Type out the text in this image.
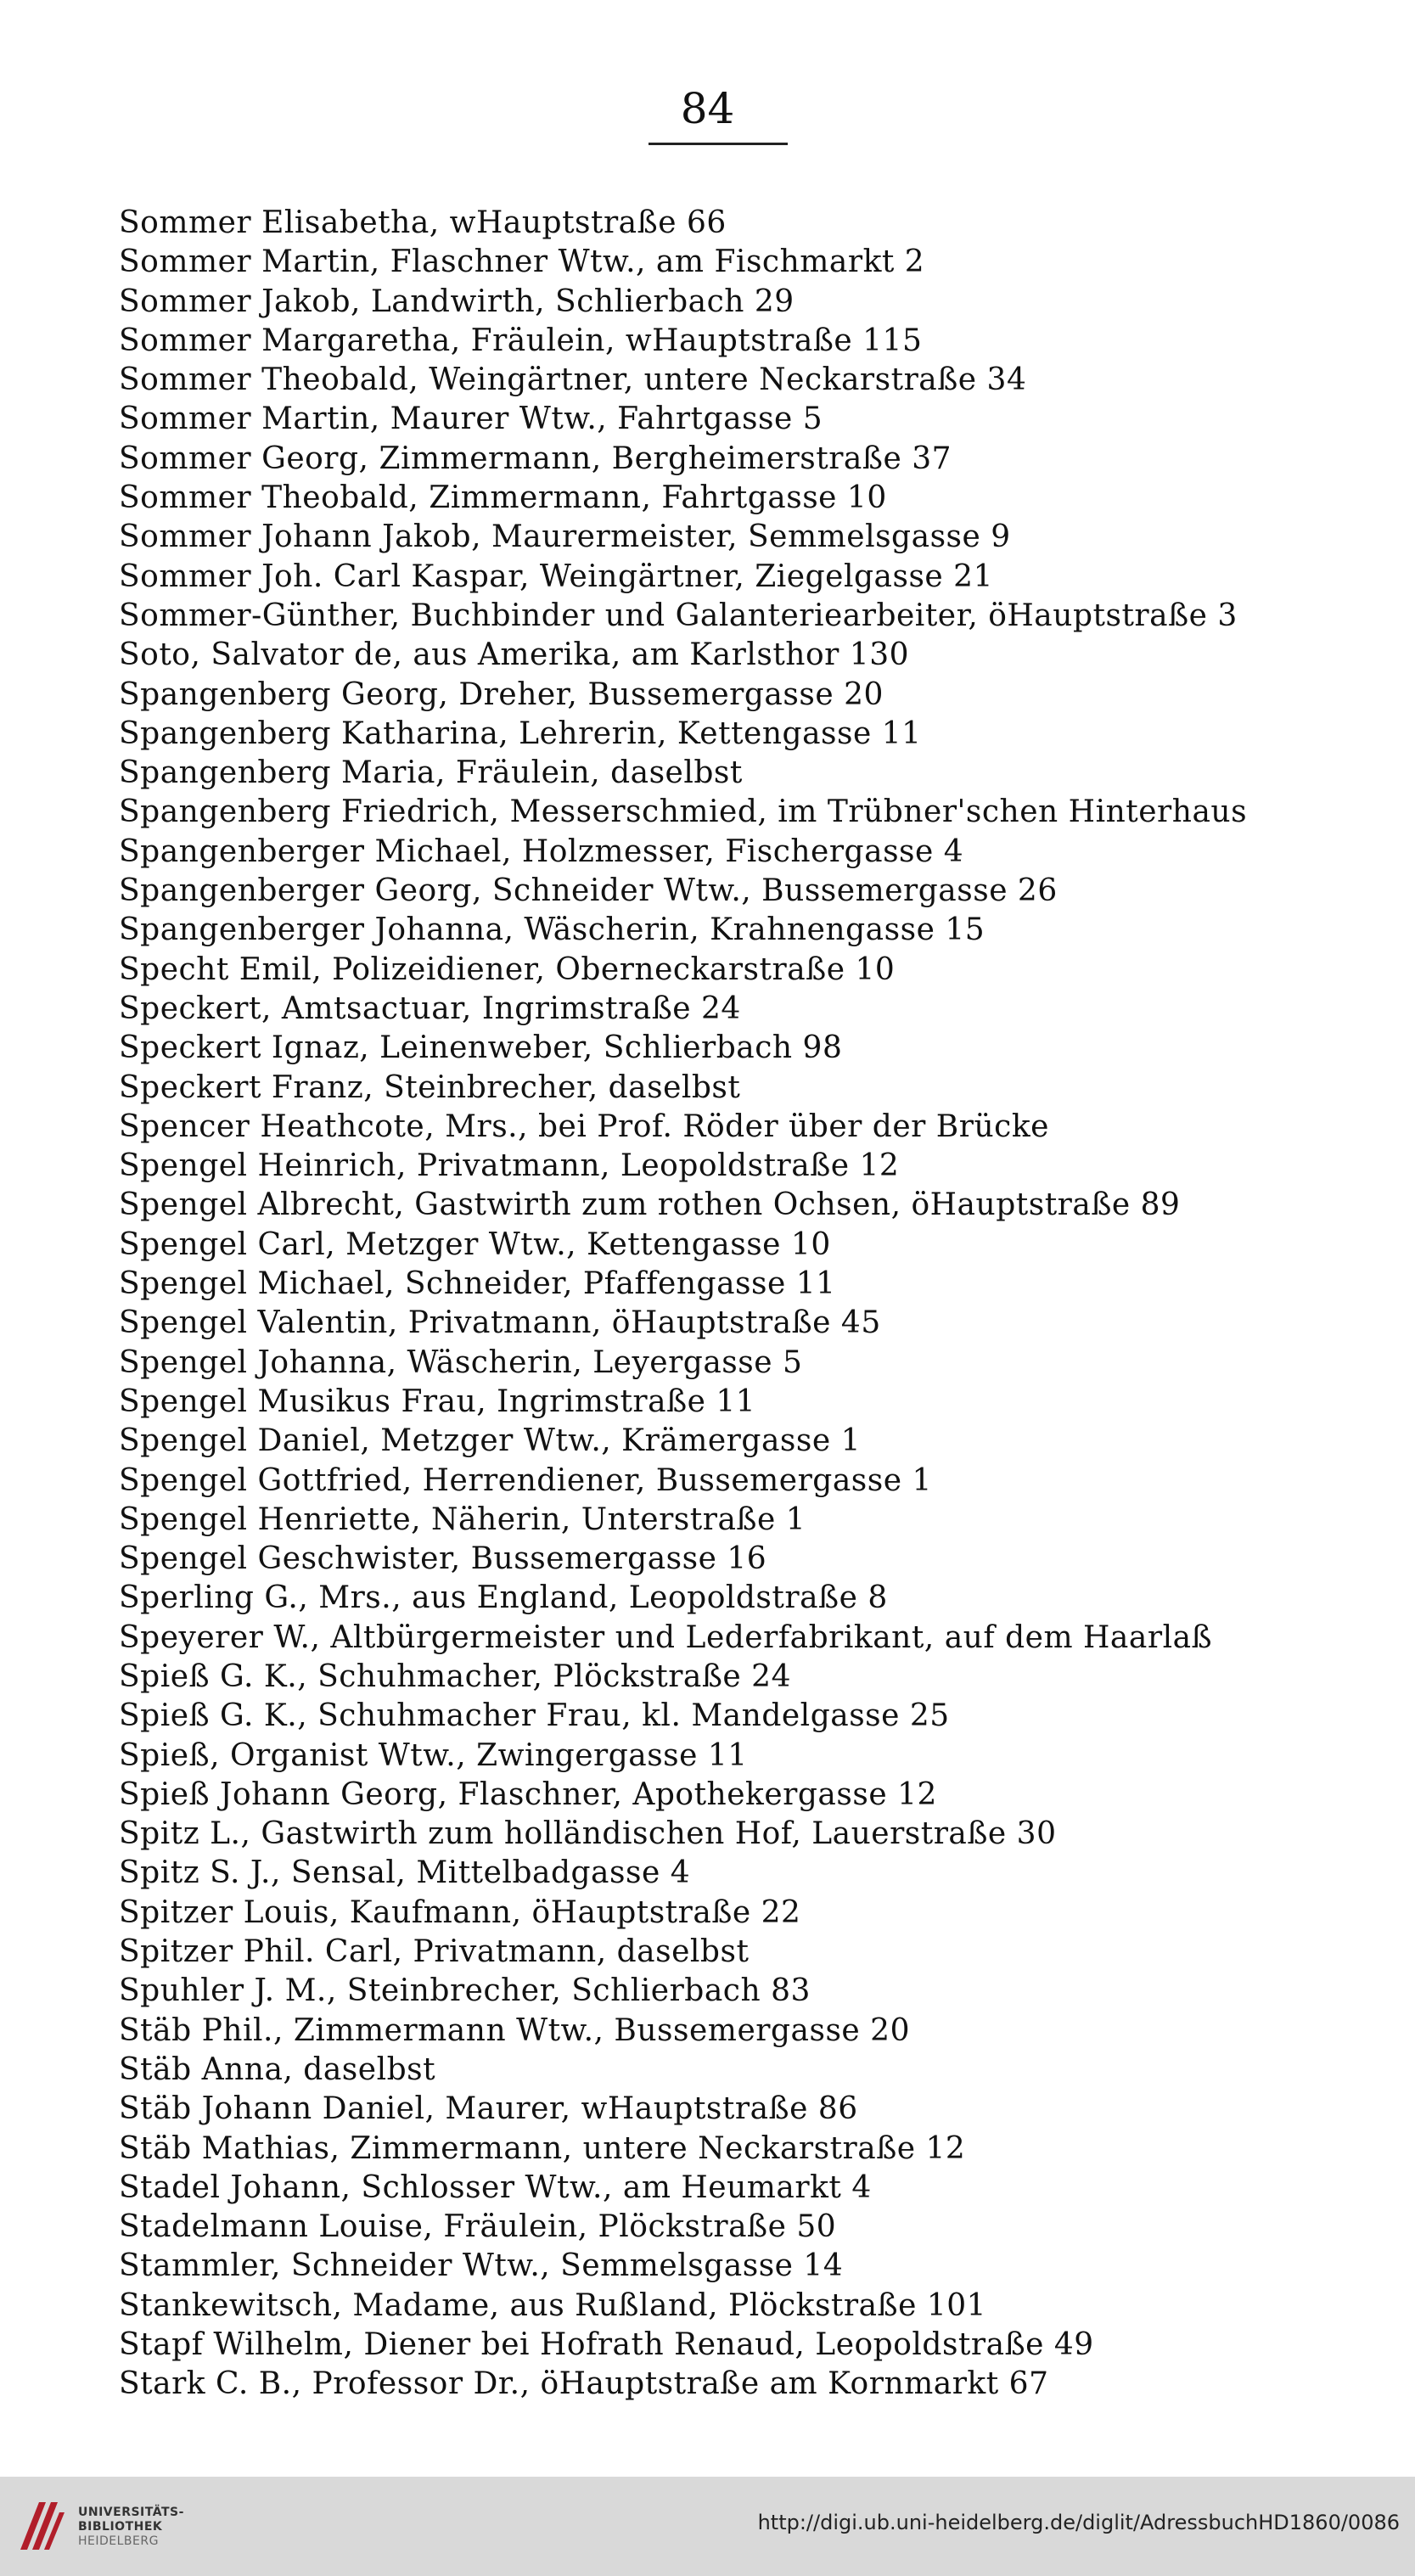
84
Sommer Elisabetha, wHauptstraße 66
Sommer Martin, Flaschner Wtw., am Fischmarkt 2
Sommer Jakob, Landwirth, Schlierbach 29
Sommer Margaretha, Fräulein, wHauptstraße 115
Sommer Theobald, Weingärtner, untere Neckarstraße 34
Sommer Martin, Maurer Wtw., Fahrtgasse 5
Sommer Georg, Zimmermann, Bergheimerstraße 37
Sommer Theobald, Zimmermann, Fahrtgasse 10
Sommer Johann Jakob, Maurermeister, Semmelsgasse 9
Sommer Joh. Carl Kaspar, Weingärtner, Ziegelgasse 21
Sommer-Günther, Buchbinder und Galanteriearbeiter, öHauptstraße 3
Soto, Salvator de, aus Amerika, am Karlsthor 130
Spangenberg Georg, Dreher, Bussemergasse 20
Spangenberg Katharina, Lehrerin, Kettengasse 11
Spangenberg Maria, Fräulein, daselbst
Spangenberg Friedrich, Messerschmied, im Trübner'schen Hinterhaus
Spangenberger Michael, Holzmesser, Fischergasse 4
Spangenberger Georg, Schneider Wtw., Bussemergasse 26
Spangenberger Johanna, Wäscherin, Krahnengasse 15
Specht Emil, Polizeidiener, Oberneckarstraße 10
Speckert, Amtsactuar, Ingrimstraße 24
Speckert Ignaz, Leinenweber, Schlierbach 98
Speckert Franz, Steinbrecher, daselbst
Spencer Heathcote, Mrs., bei Prof. Röder über der Brücke
Spengel Heinrich, Privatmann, Leopoldstraße 12
Spengel Albrecht, Gastwirth zum rothen Ochsen, öHauptstraße 89
Spengel Carl, Metzger Wtw., Kettengasse 10
Spengel Michael, Schneider, Pfaffengasse 11
Spengel Valentin, Privatmann, öHauptstraße 45
Spengel Johanna, Wäscherin, Leyergasse 5
Spengel Musikus Frau, Ingrimstraße 11
Spengel Daniel, Metzger Wtw., Krämergasse 1
Spengel Gottfried, Herrendiener, Bussemergasse 1
Spengel Henriette, Näherin, Unterstraße 1
Spengel Geschwister, Bussemergasse 16
Sperling G., Mrs., aus England, Leopoldstraße 8
Speyerer W., Altbürgermeister und Lederfabrikant, auf dem Haarlaß
Spieß G. K., Schuhmacher, Plöckstraße 24
Spieß G. K., Schuhmacher Frau, kl. Mandelgasse 25
Spieß, Organist Wtw., Zwingergasse 11
Spieß Johann Georg, Flaschner, Apothekergasse 12
Spitz L., Gastwirth zum holländischen Hof, Lauerstraße 30
Spitz S. J., Sensal, Mittelbadgasse 4
Spitzer Louis, Kaufmann, öHauptstraße 22
Spitzer Phil. Carl, Privatmann, daselbst
Spuhler J. M., Steinbrecher, Schlierbach 83
Stäb Phil., Zimmermann Wtw., Bussemergasse 20
Stäb Anna, daselbst
Stäb Johann Daniel, Maurer, wHauptstraße 86
Stäb Mathias, Zimmermann, untere Neckarstraße 12
Stadel Johann, Schlosser Wtw., am Heumarkt 4
Stadelmann Louise, Fräulein, Plöckstraße 50
Stammler, Schneider Wtw., Semmelsgasse 14
Stankewitsch, Madame, aus Rußland, Plöckstraße 101
Stapf Wilhelm, Diener bei Hofrath Renaud, Leopoldstraße 49
Stark C. B., Professor Dr., öHauptstraße am Kornmarkt 67
UNIVERSITÄTS-
BIBLIOTHEK
HEIDELBERG
http://digi.ub.uni-heidelberg.de/diglit/AdressbuchHD1860/0086
